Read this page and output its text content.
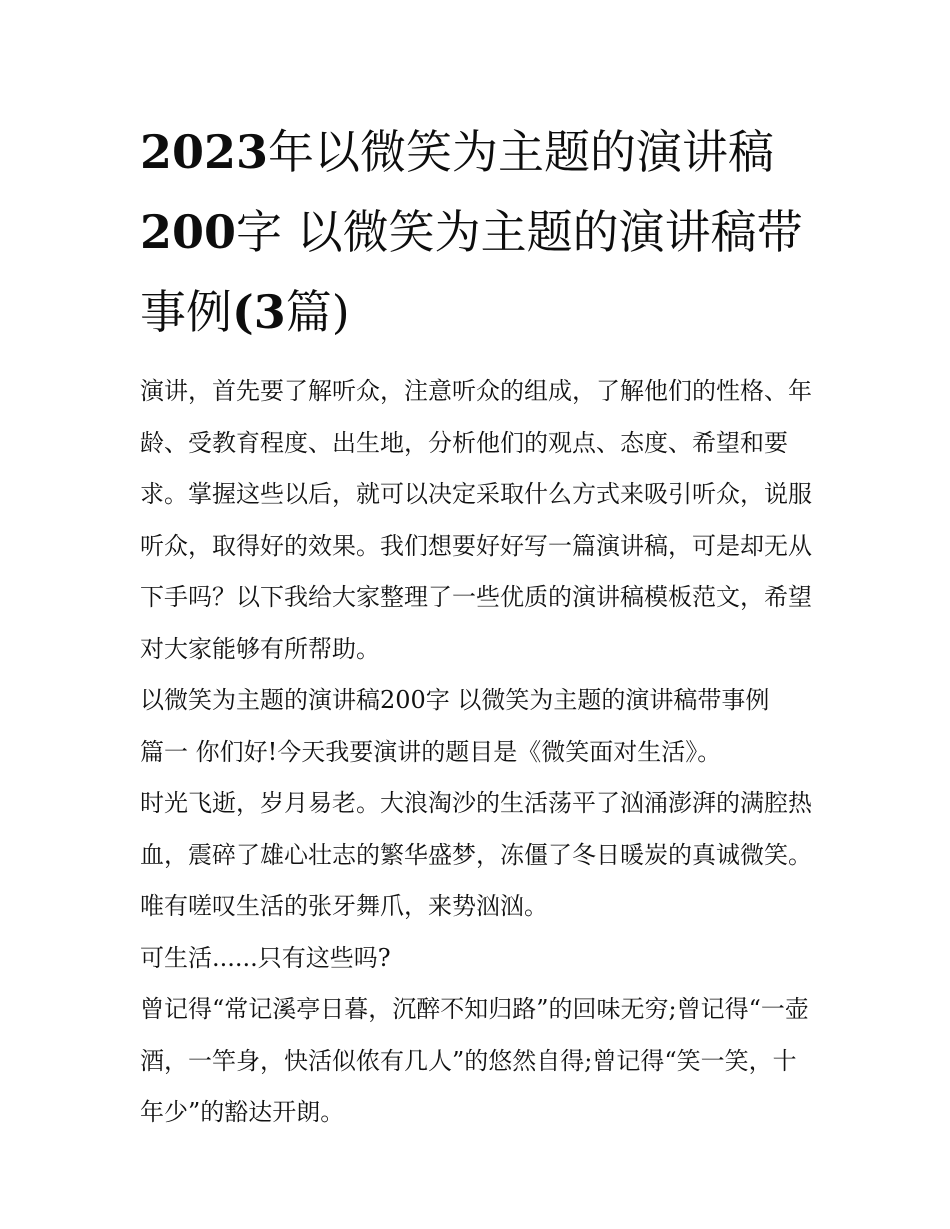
2023年以微笑为主题的演讲稿
200字 以微笑为主题的演讲稿带事例(3篇)

演讲，首先要了解听众，注意听众的组成，了解他们的性格、年龄、受教育程度、出生地，分析他们的观点、态度、希望和要求。掌握这些以后，就可以决定采取什么方式来吸引听众，说服听众，取得好的效果。我们想要好好写一篇演讲稿，可是却无从下手吗？以下我给大家整理了一些优质的演讲稿模板范文，希望对大家能够有所帮助。

以微笑为主题的演讲稿200字 以微笑为主题的演讲稿带事例

篇一 你们好!今天我要演讲的题目是《微笑面对生活》。

时光飞逝，岁月易老。大浪淘沙的生活荡平了汹涌澎湃的满腔热血，震碎了雄心壮志的繁华盛梦，冻僵了冬日暖炭的真诚微笑。唯有嗟叹生活的张牙舞爪，来势汹汹。

可生活......只有这些吗?

曾记得“常记溪亭日暮，沉醉不知归路”的回味无穷;曾记得“一壶酒，一竿身，快活似侬有几人”的悠然自得;曾记得“笑一笑，十年少”的豁达开朗。
